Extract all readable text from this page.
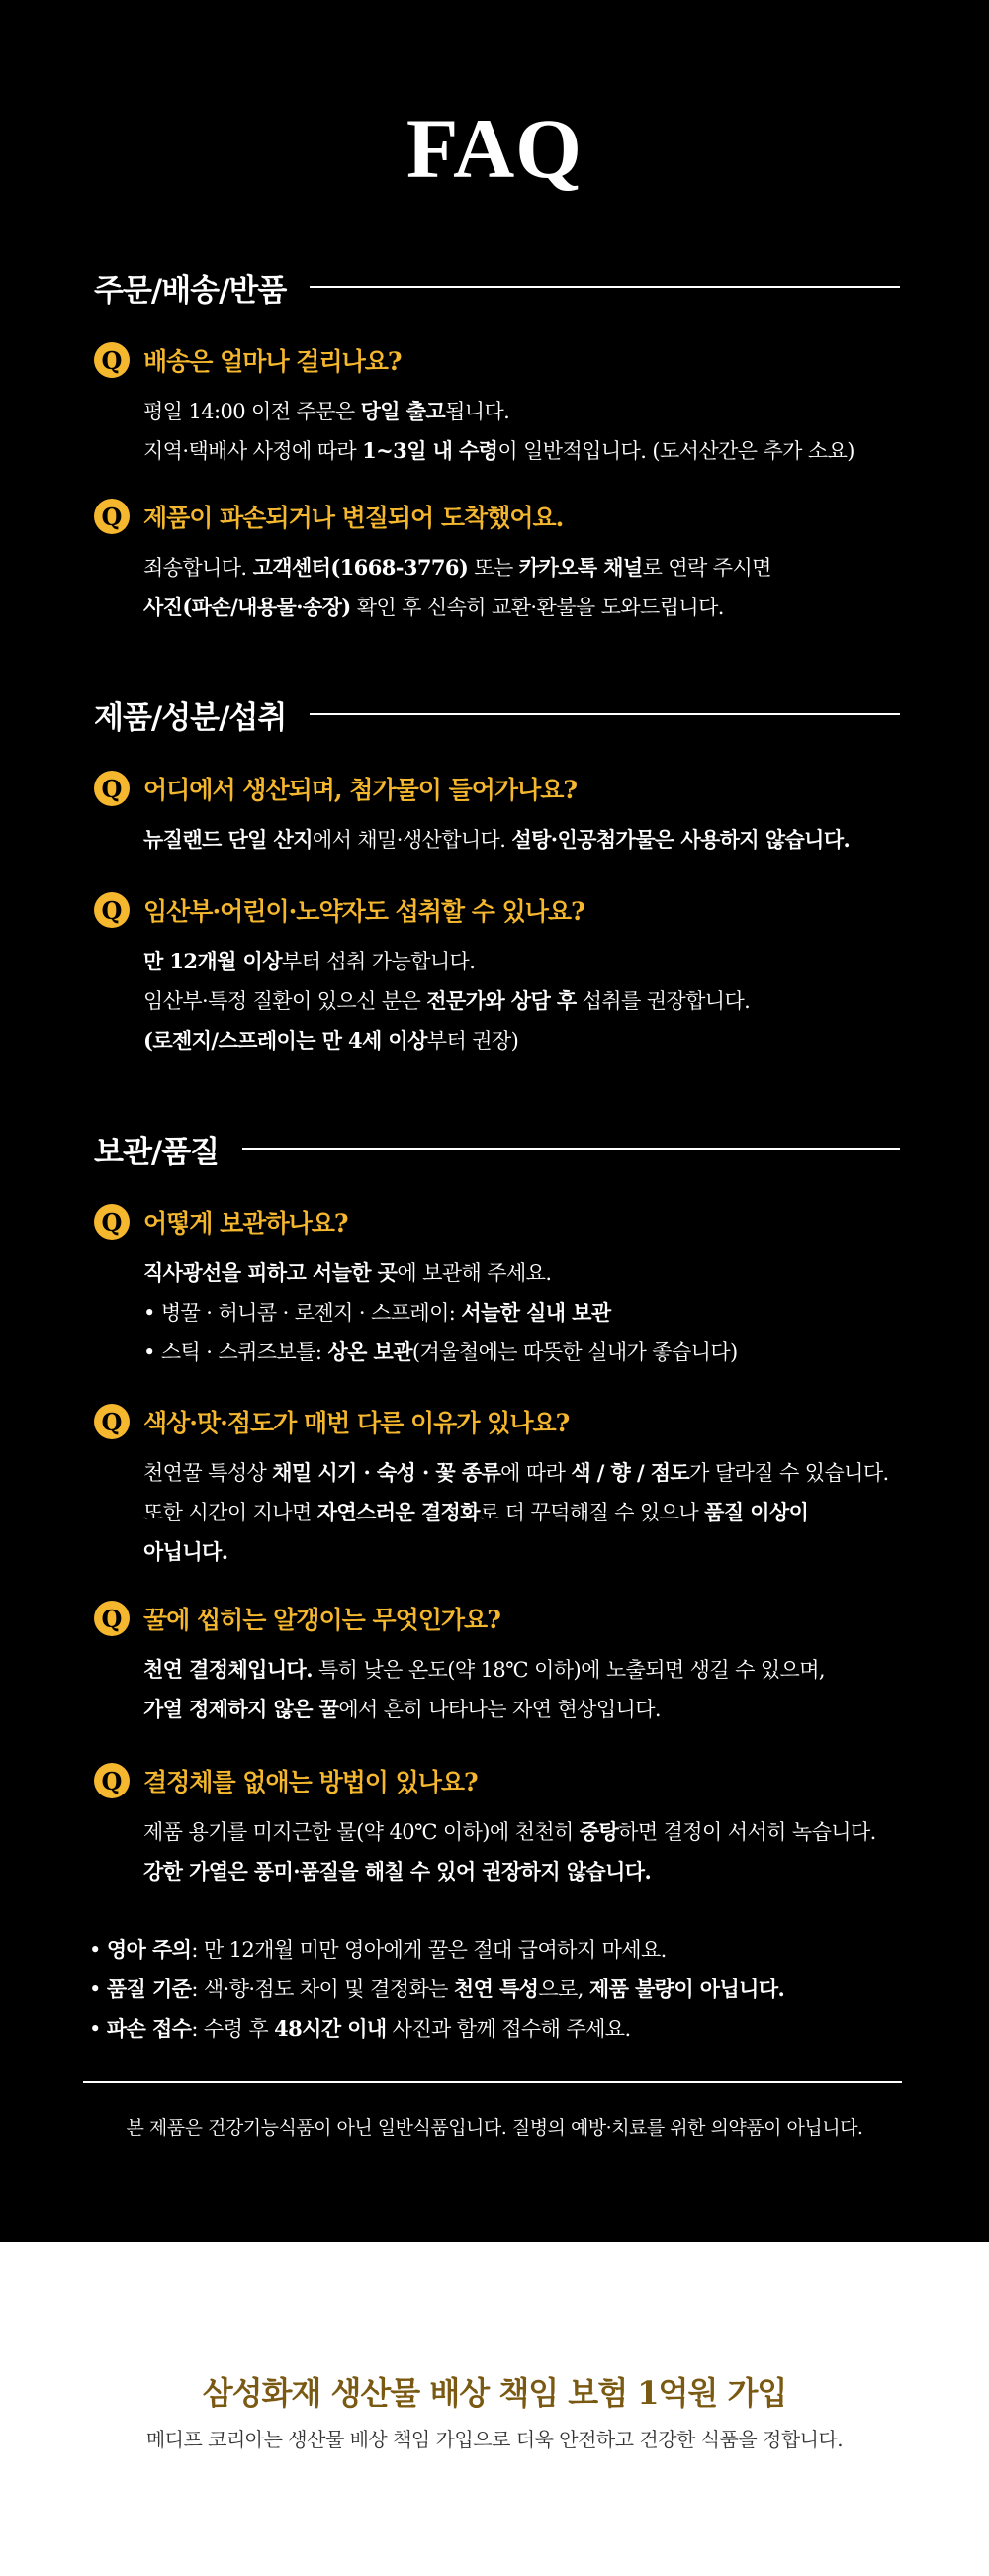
FAQ
주문/배송/반품
Q 배송은 얼마나 걸리나요?
평일 14:00 이전 주문은 당일 출고됩니다.
지역·택배사 사정에 따라 1~3일 내 수령이 일반적입니다. (도서산간은 추가 소요)
Q 제품이 파손되거나 변질되어 도착했어요.
죄송합니다. 고객센터(1668-3776) 또는 카카오톡 채널로 연락 주시면
사진(파손/내용물·송장) 확인 후 신속히 교환·환불을 도와드립니다.
제품/성분/섭취
Q 어디에서 생산되며, 첨가물이 들어가나요?
뉴질랜드 단일 산지에서 채밀·생산합니다. 설탕·인공첨가물은 사용하지 않습니다.
Q 임산부·어린이·노약자도 섭취할 수 있나요?
만 12개월 이상부터 섭취 가능합니다.
임산부·특정 질환이 있으신 분은 전문가와 상담 후 섭취를 권장합니다.
(로젠지/스프레이는 만 4세 이상부터 권장)
보관/품질
Q 어떻게 보관하나요?
직사광선을 피하고 서늘한 곳에 보관해 주세요.
• 병꿀 · 허니콤 · 로젠지 · 스프레이: 서늘한 실내 보관
• 스틱 · 스퀴즈보틀: 상온 보관(겨울철에는 따뜻한 실내가 좋습니다)
Q 색상·맛·점도가 매번 다른 이유가 있나요?
천연꿀 특성상 채밀 시기 · 숙성 · 꽃 종류에 따라 색 / 향 / 점도가 달라질 수 있습니다.
또한 시간이 지나면 자연스러운 결정화로 더 꾸덕해질 수 있으나 품질 이상이
아닙니다.
Q 꿀에 씹히는 알갱이는 무엇인가요?
천연 결정체입니다. 특히 낮은 온도(약 18℃ 이하)에 노출되면 생길 수 있으며,
가열 정제하지 않은 꿀에서 흔히 나타나는 자연 현상입니다.
Q 결정체를 없애는 방법이 있나요?
제품 용기를 미지근한 물(약 40℃ 이하)에 천천히 중탕하면 결정이 서서히 녹습니다.
강한 가열은 풍미·품질을 해칠 수 있어 권장하지 않습니다.
• 영아 주의: 만 12개월 미만 영아에게 꿀은 절대 급여하지 마세요.
• 품질 기준: 색·향·점도 차이 및 결정화는 천연 특성으로, 제품 불량이 아닙니다.
• 파손 접수: 수령 후 48시간 이내 사진과 함께 접수해 주세요.
본 제품은 건강기능식품이 아닌 일반식품입니다. 질병의 예방·치료를 위한 의약품이 아닙니다.
삼성화재 생산물 배상 책임 보험 1억원 가입
메디프 코리아는 생산물 배상 책임 가입으로 더욱 안전하고 건강한 식품을 정합니다.
